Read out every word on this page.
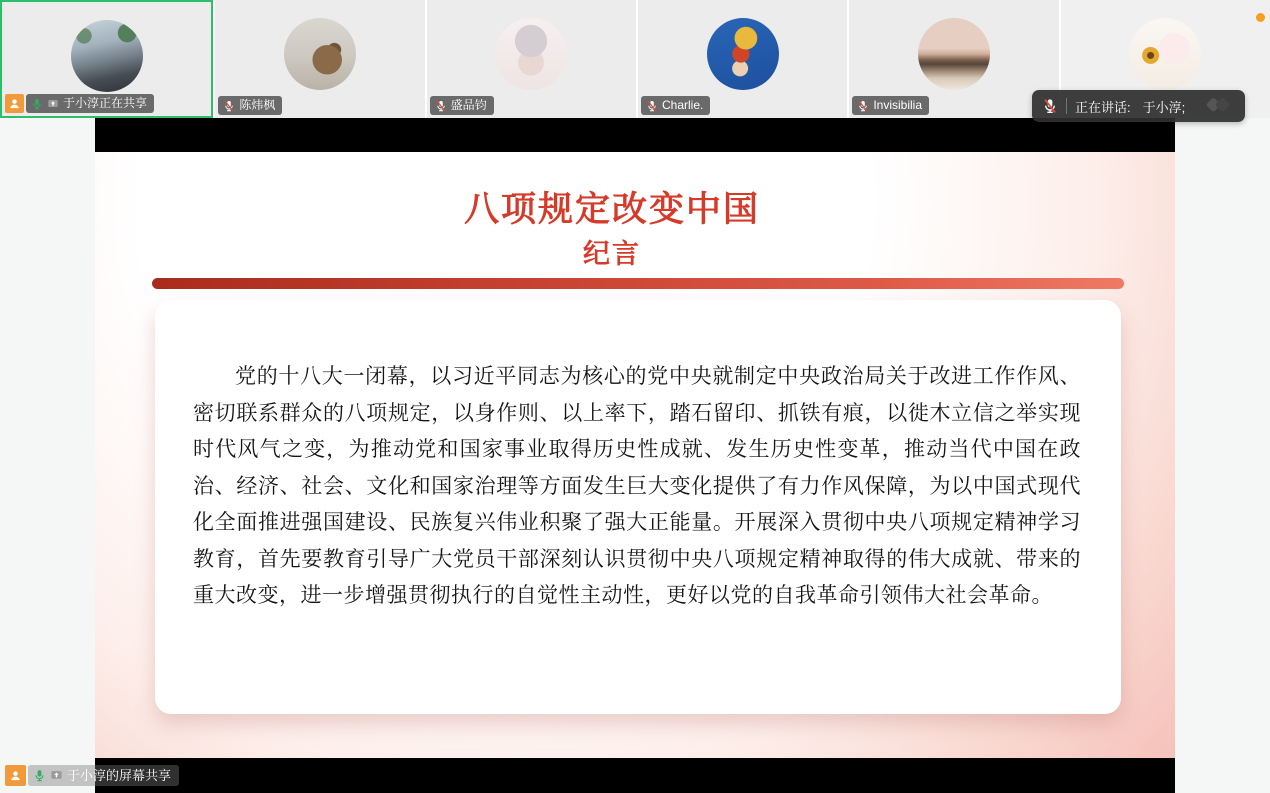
于小淳正在共享	陈炜枫	盛品钧	Charlie.	Invisibilia	正在讲话: 于小淳;
八项规定改变中国
纪言
党的十八大一闭幕，以习近平同志为核心的党中央就制定中央政治局关于改进工作作风、密切联系群众的八项规定，以身作则、以上率下，踏石留印、抓铁有痕，以徙木立信之举实现时代风气之变，为推动党和国家事业取得历史性成就、发生历史性变革，推动当代中国在政治、经济、社会、文化和国家治理等方面发生巨大变化提供了有力作风保障，为以中国式现代化全面推进强国建设、民族复兴伟业积聚了强大正能量。开展深入贯彻中央八项规定精神学习教育，首先要教育引导广大党员干部深刻认识贯彻中央八项规定精神取得的伟大成就、带来的重大改变，进一步增强贯彻执行的自觉性主动性，更好以党的自我革命引领伟大社会革命。
于小淳的屏幕共享
